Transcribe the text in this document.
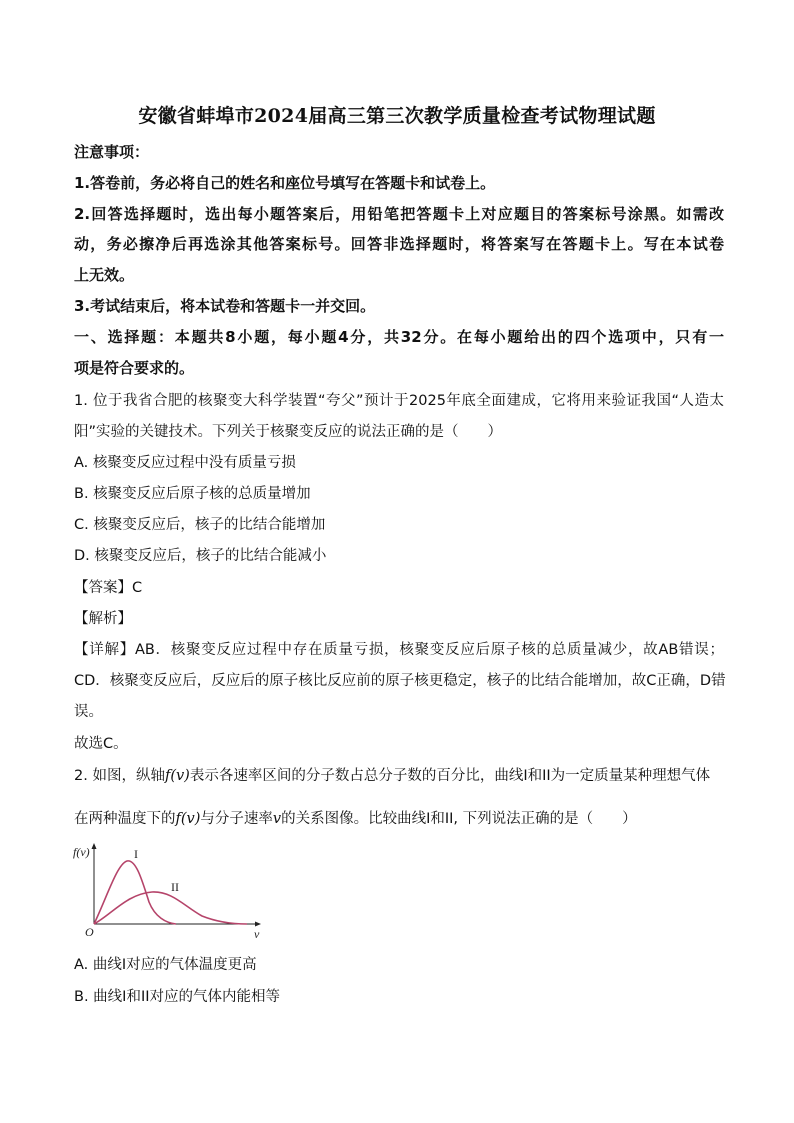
安徽省蚌埠市2024届高三第三次教学质量检查考试物理试题
注意事项：
1.答卷前，务必将自己的姓名和座位号填写在答题卡和试卷上。
2.回答选择题时，选出每小题答案后，用铅笔把答题卡上对应题目的答案标号涂黑。如需改
动，务必擦净后再选涂其他答案标号。回答非选择题时，将答案写在答题卡上。写在本试卷
上无效。
3.考试结束后，将本试卷和答题卡一并交回。
一、选择题：本题共8小题，每小题4分，共32分。在每小题给出的四个选项中，只有一
项是符合要求的。
1. 位于我省合肥的核聚变大科学装置“夸父”预计于2025年底全面建成，它将用来验证我国“人造太
阳”实验的关键技术。下列关于核聚变反应的说法正确的是（　　）
A. 核聚变反应过程中没有质量亏损
B. 核聚变反应后原子核的总质量增加
C. 核聚变反应后，核子的比结合能增加
D. 核聚变反应后，核子的比结合能减小
【答案】C
【解析】
【详解】AB．核聚变反应过程中存在质量亏损，核聚变反应后原子核的总质量减少，故AB错误；
CD．核聚变反应后，反应后的原子核比反应前的原子核更稳定，核子的比结合能增加，故C正确，D错
误。
故选C。
2. 如图，纵轴f(v)表示各速率区间的分子数占总分子数的百分比，曲线I和II为一定质量某种理想气体
在两种温度下的f(v)与分子速率v的关系图像。比较曲线I和II, 下列说法正确的是（　　）
f(v)
v
O
I
II
A. 曲线I对应的气体温度更高
B. 曲线I和II对应的气体内能相等
